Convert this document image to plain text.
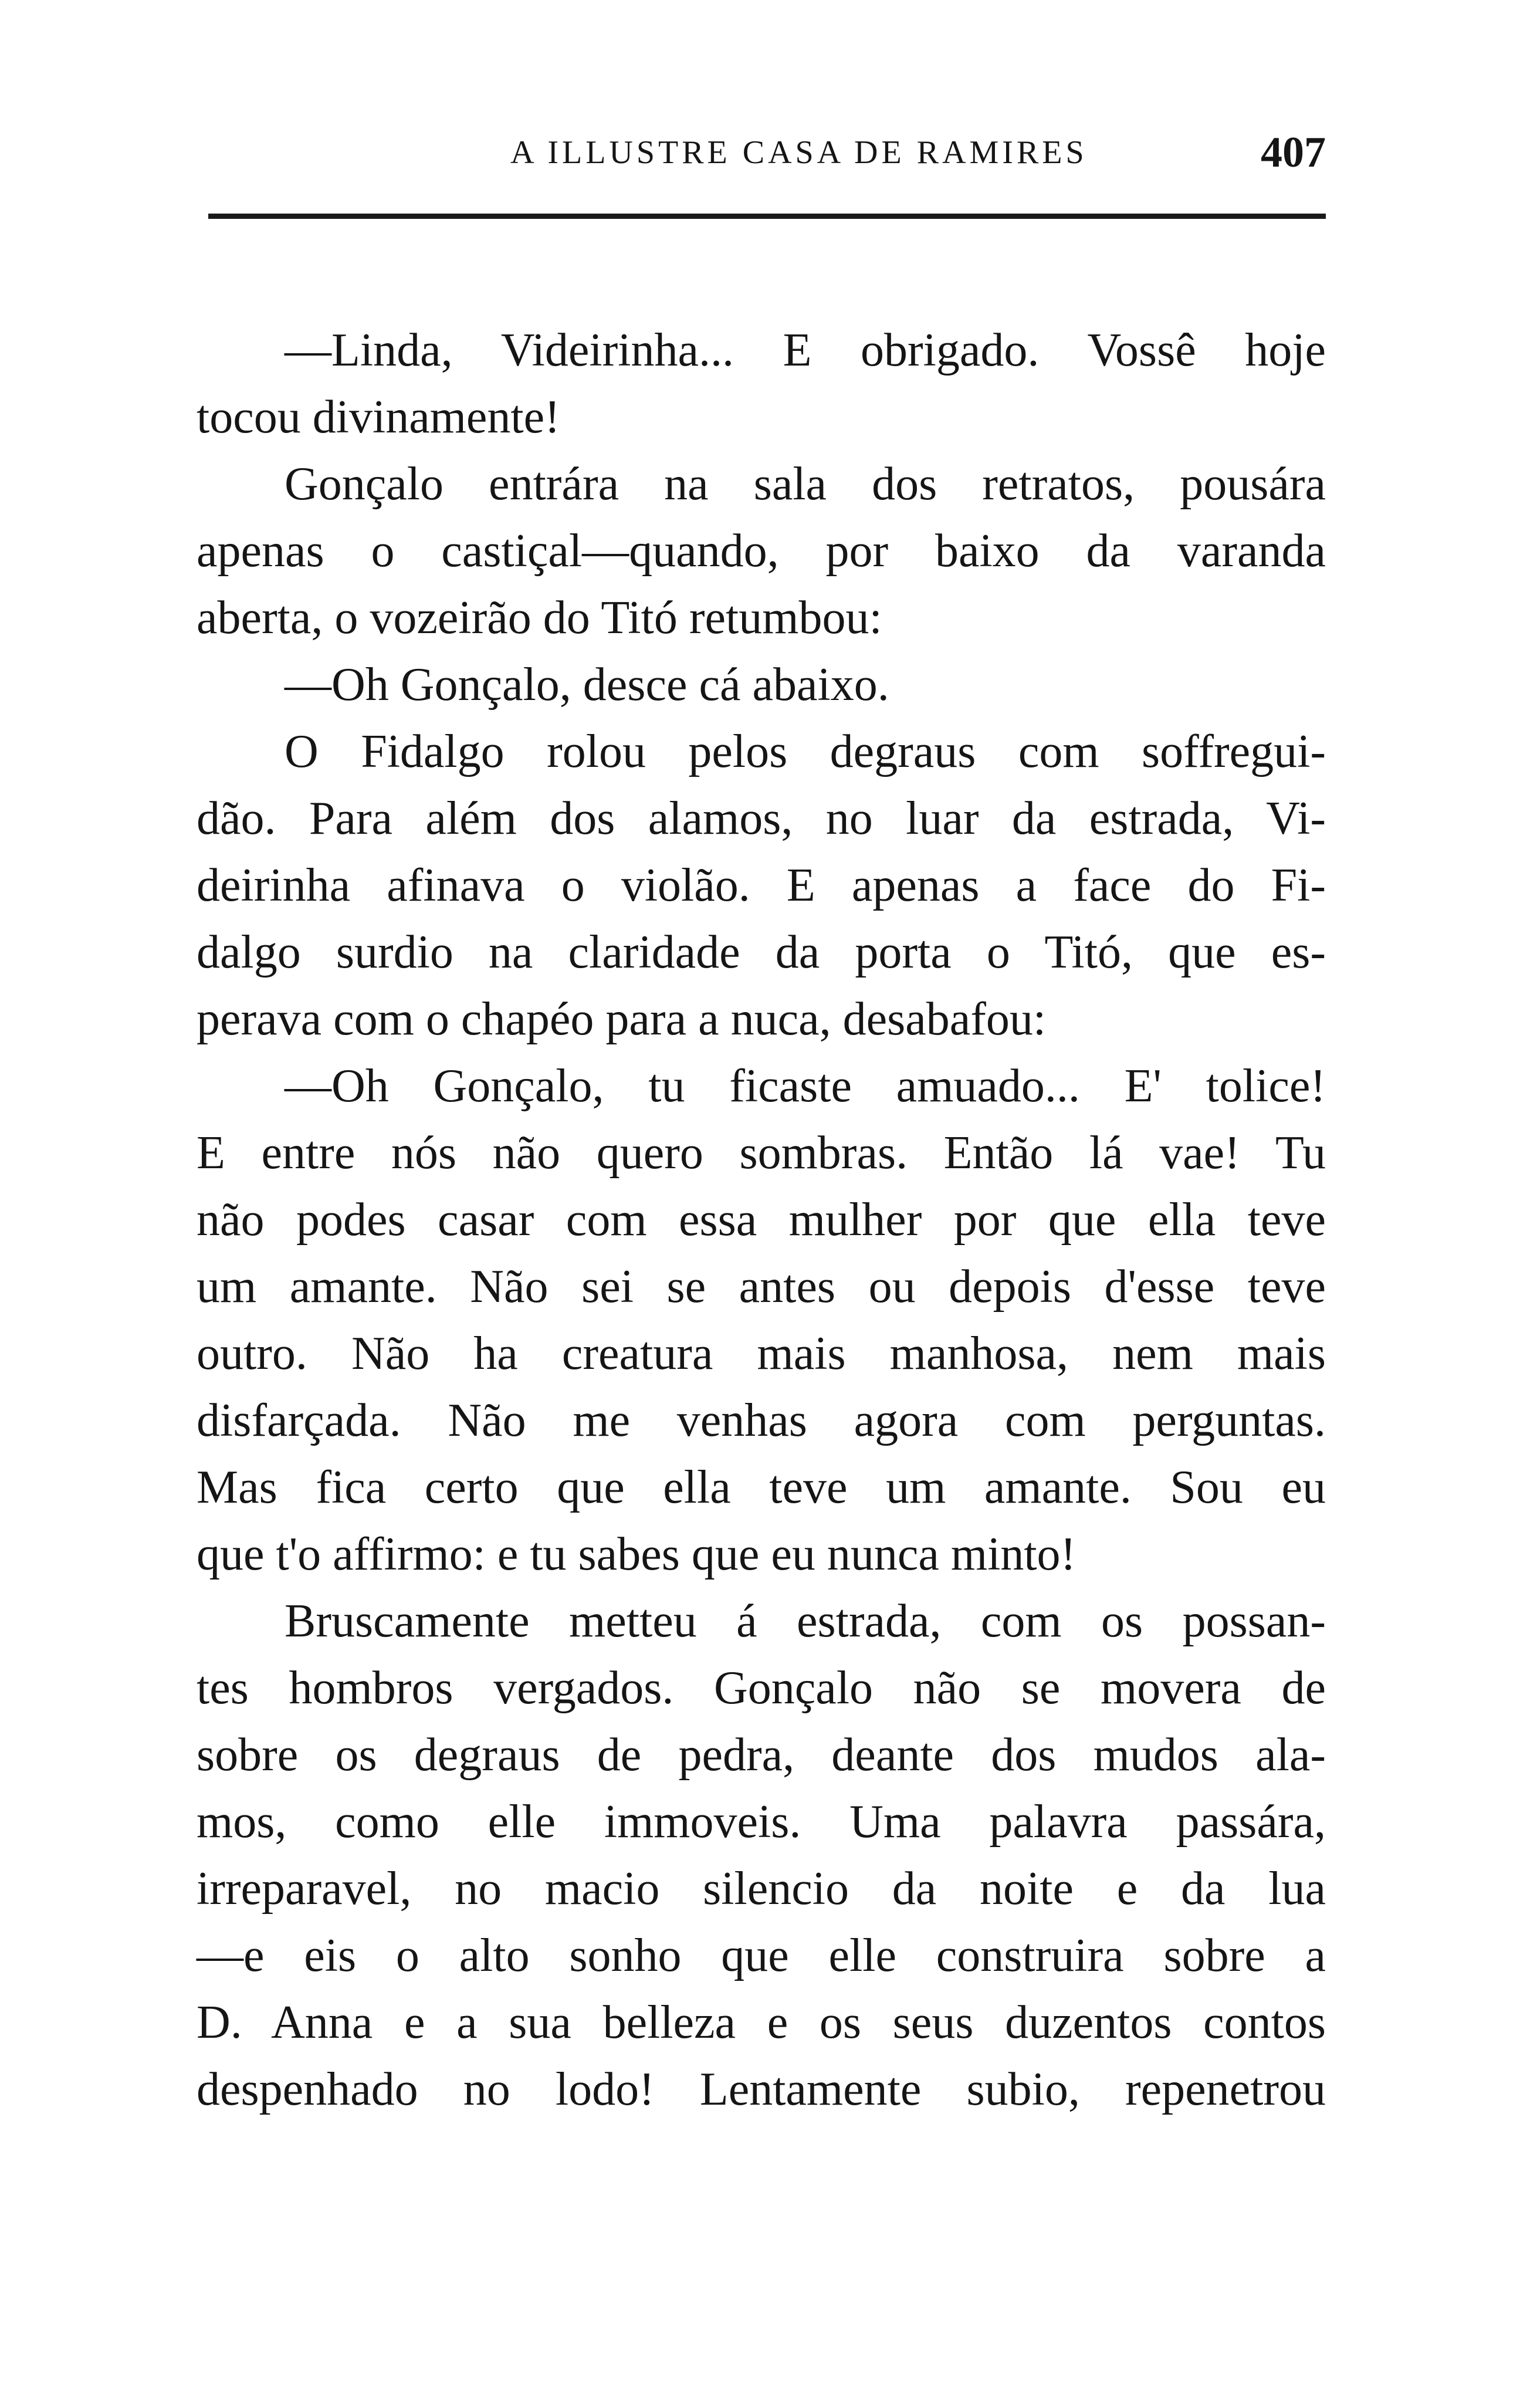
A ILLUSTRE CASA DE RAMIRES	407
—Linda, Videirinha... E obrigado. Vossê hoje
tocou divinamente!
Gonçalo entrára na sala dos retratos, pousára
apenas o castiçal—quando, por baixo da varanda
aberta, o vozeirão do Titó retumbou:
—Oh Gonçalo, desce cá abaixo.
O Fidalgo rolou pelos degraus com soffregui-
dão. Para além dos alamos, no luar da estrada, Vi-
deirinha afinava o violão. E apenas a face do Fi-
dalgo surdio na claridade da porta o Titó, que es-
perava com o chapéo para a nuca, desabafou:
—Oh Gonçalo, tu ficaste amuado... E' tolice!
E entre nós não quero sombras. Então lá vae! Tu
não podes casar com essa mulher por que ella teve
um amante. Não sei se antes ou depois d'esse teve
outro. Não ha creatura mais manhosa, nem mais
disfarçada. Não me venhas agora com perguntas.
Mas fica certo que ella teve um amante. Sou eu
que t'o affirmo: e tu sabes que eu nunca minto!
Bruscamente metteu á estrada, com os possan-
tes hombros vergados. Gonçalo não se movera de
sobre os degraus de pedra, deante dos mudos ala-
mos, como elle immoveis. Uma palavra passára,
irreparavel, no macio silencio da noite e da lua
—e eis o alto sonho que elle construira sobre a
D. Anna e a sua belleza e os seus duzentos contos
despenhado no lodo! Lentamente subio, repenetrou
